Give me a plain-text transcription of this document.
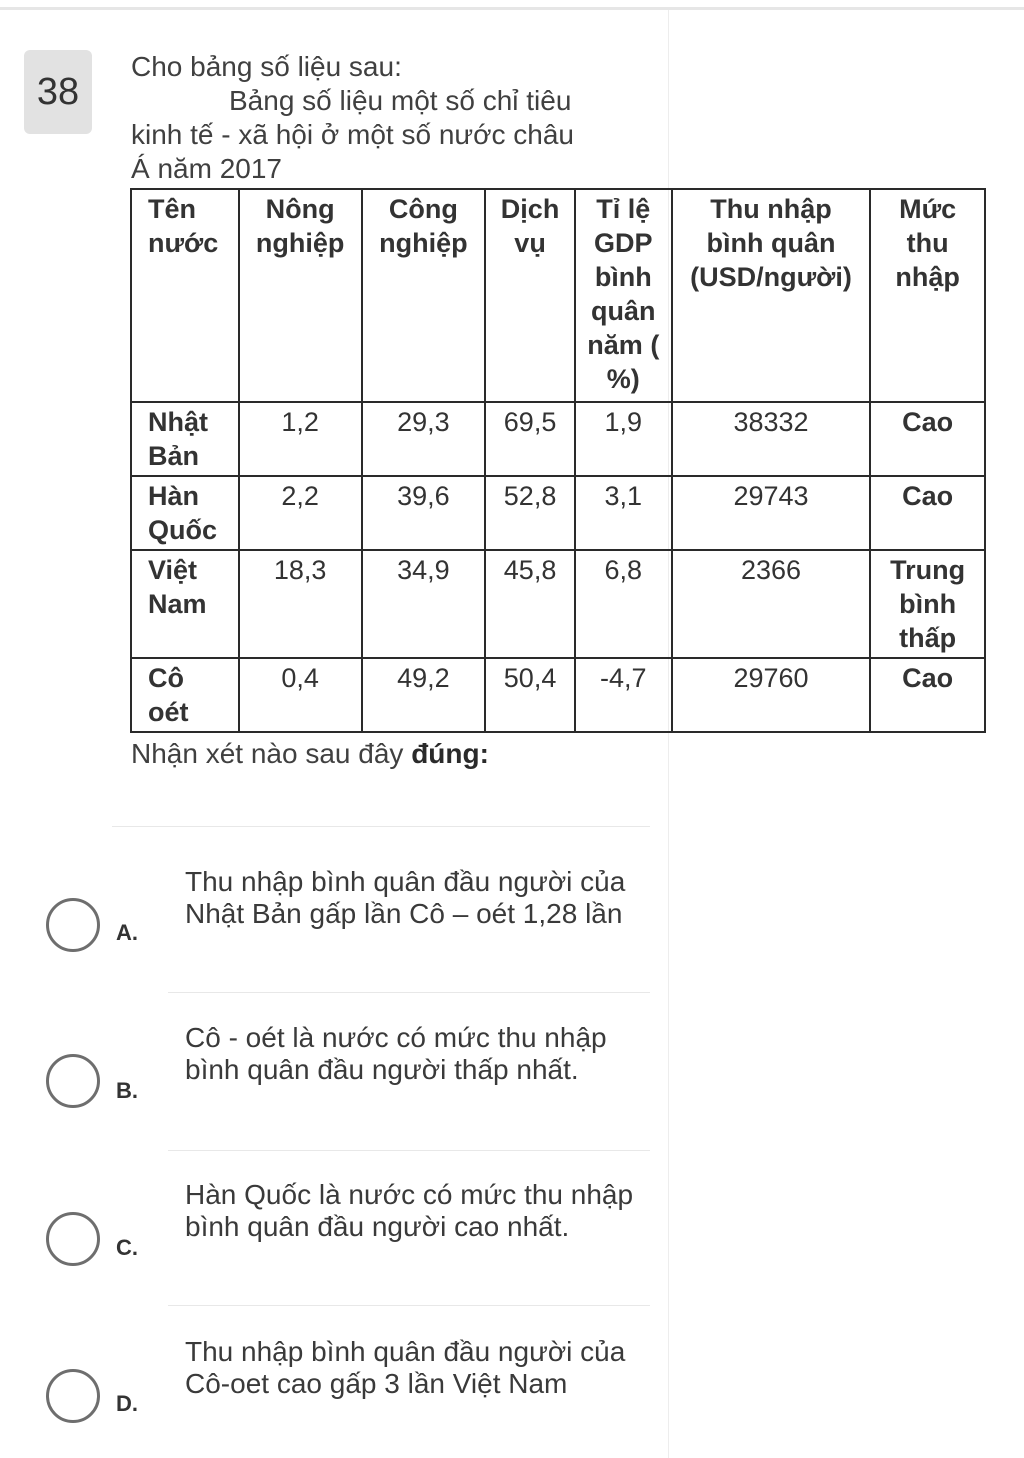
38
Cho bảng số liệu sau:
Bảng số liệu một số chỉ tiêu
kinh tế - xã hội ở một số nước châu
Á năm 2017
Tên nước	Nông nghiệp	Công nghiệp	Dịch vụ	Tỉ lệ GDP bình quân năm ( %)	Thu nhập bình quân (USD/người)	Mức thu nhập
Nhật Bản	1,2	29,3	69,5	1,9	38332	Cao
Hàn Quốc	2,2	39,6	52,8	3,1	29743	Cao
Việt Nam	18,3	34,9	45,8	6,8	2366	Trung bình thấp
Cô oét	0,4	49,2	50,4	-4,7	29760	Cao
Nhận xét nào sau đây đúng:
A.
Thu nhập bình quân đầu người của Nhật Bản gấp lần Cô – oét 1,28 lần
B.
Cô - oét là nước có mức thu nhập bình quân đầu người thấp nhất.
C.
Hàn Quốc là nước có mức thu nhập bình quân đầu người cao nhất.
D.
Thu nhập bình quân đầu người của Cô-oet cao gấp 3 lần Việt Nam
